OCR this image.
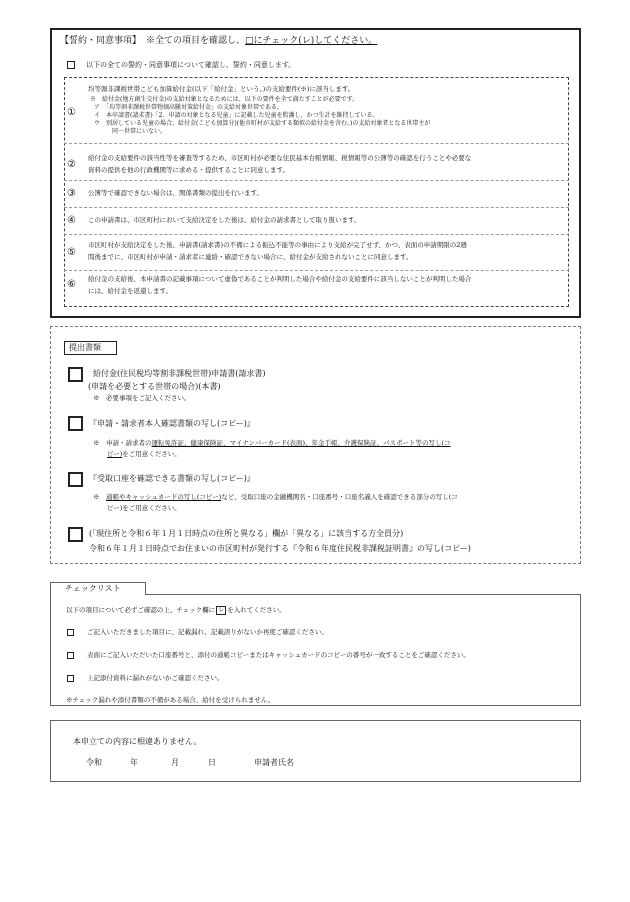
【誓約・同意事項】 ※全ての項目を確認し、□にチェック(レ)してください。
以下の全ての誓約・同意事項について確認し、誓約・同意します。
①
均等割非課税世帯こども加算給付金(以下「給付金」という。)の支給要件(※)に該当します。
※　給付金(地方創生交付金)の支給対象となるためには、以下の要件を全て満たすことが必要です。
ア　「均等割非課税世帯物価高騰対策給付金」の支給対象世帯である。
イ　本申請書(請求書)「2．申請の対象となる児童」に記載した児童を監護し、かつ生計を維持している。
ウ　別居している児童の場合、給付金(こども加算分)(他市町村が支給する類似の給付金を含む。)の支給対象者となる世帯主が
同一世帯にいない。
②
給付金の支給要件の該当性等を審査等するため、市区町村が必要な住民基本台帳情報、税情報等の公簿等の確認を行うことや必要な
資料の提供を他の行政機関等に求める・提供することに同意します。
③ 公簿等で確認できない場合は、関係書類の提出を行います。
④ この申請書は、市区町村において支給決定をした後は、給付金の請求書として取り扱います。
⑤
市区町村が支給決定をした後、申請書(請求書)の不備による振込不能等の事由により支給が完了せず、かつ、表面の申請期限の2週
間後までに、市区町村が申請・請求者に連絡・確認できない場合に、給付金が支給されないことに同意します。
⑥ 給付金の支給後、本申請書の記載事項について虚偽であることが判明した場合や給付金の支給要件に該当しないことが判明した場合
には、給付金を返還します。
提出書類
給付金(住民税均等割非課税世帯)申請書(請求書)
(申請を必要とする世帯の場合)(本書)
※　必要事項をご記入ください。
『申請・請求者本人確認書類の写し(コピー)』
※　申請・請求者の運転免許証、健康保険証、マイナンバーカード(表面)、年金手帳、介護保険証、パスポート等の写し(コ
ピー)をご用意ください。
『受取口座を確認できる書類の写し(コピー)』
※　通帳やキャッシュカードの写し(コピー)など、受取口座の金融機関名・口座番号・口座名義人を確認できる部分の写し(コ
ピー)をご用意ください。
(「現住所と令和６年１月１日時点の住所と異なる」欄が「異なる」に該当する方全員分)
令和６年１月１日時点でお住まいの市区町村が発行する『令和６年度住民税非課税証明書』の写し(コピー)
チェックリスト
以下の項目について必ずご確認の上、チェック欄に レ を入れてください。
ご記入いただきました項目に、記載漏れ、記載誤りがないか再度ご確認ください。
表面にご記入いただいた口座番号と、添付の通帳コピーまたはキャッシュカードのコピーの番号が一致することをご確認ください。
上記添付資料に漏れがないかご確認ください。
※チェック漏れや添付書類の不備がある場合、給付を受けられません。
本申立ての内容に相違ありません。
令和	年	月	日	申請者氏名
